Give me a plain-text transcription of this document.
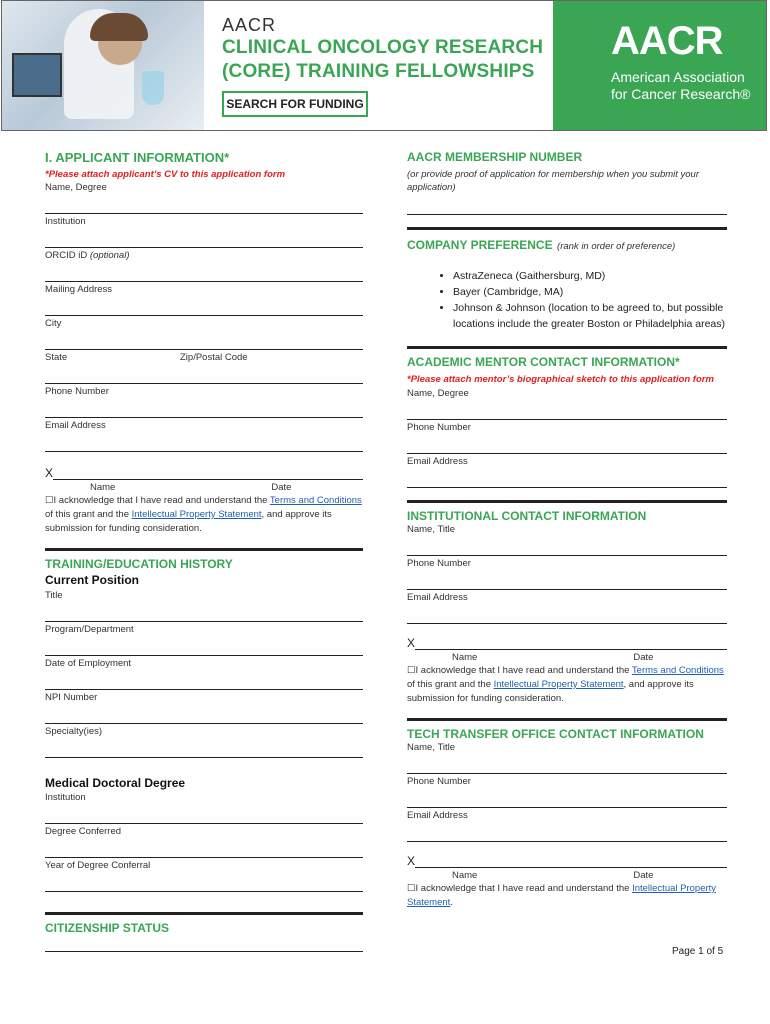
AACR
CLINICAL ONCOLOGY RESEARCH
(CORE) TRAINING FELLOWSHIPS
SEARCH FOR FUNDING
AACR
American Association
for Cancer Research®
I. APPLICANT INFORMATION*
*Please attach applicant’s CV to this application form
Name, Degree
Institution
ORCID iD (optional)
Mailing Address
City
State	Zip/Postal Code
Phone Number
Email Address
X
Name	Date
☐I acknowledge that I have read and understand the Terms and Conditions of this grant and the Intellectual Property Statement, and approve its submission for funding consideration.
TRAINING/EDUCATION HISTORY
Current Position
Title
Program/Department
Date of Employment
NPI Number
Specialty(ies)
Medical Doctoral Degree
Institution
Degree Conferred
Year of Degree Conferral
CITIZENSHIP STATUS
AACR MEMBERSHIP NUMBER
(or provide proof of application for membership when you submit your application)
COMPANY PREFERENCE (rank in order of preference)
• AstraZeneca (Gaithersburg, MD)
• Bayer (Cambridge, MA)
• Johnson & Johnson (location to be agreed to, but possible locations include the greater Boston or Philadelphia areas)
ACADEMIC MENTOR CONTACT INFORMATION*
*Please attach mentor’s biographical sketch to this application form
Name, Degree
Phone Number
Email Address
INSTITUTIONAL CONTACT INFORMATION
Name, Title
Phone Number
Email Address
X
Name	Date
☐I acknowledge that I have read and understand the Terms and Conditions of this grant and the Intellectual Property Statement, and approve its submission for funding consideration.
TECH TRANSFER OFFICE CONTACT INFORMATION
Name, Title
Phone Number
Email Address
X
Name	Date
☐I acknowledge that I have read and understand the Intellectual Property Statement.
Page 1 of 5
